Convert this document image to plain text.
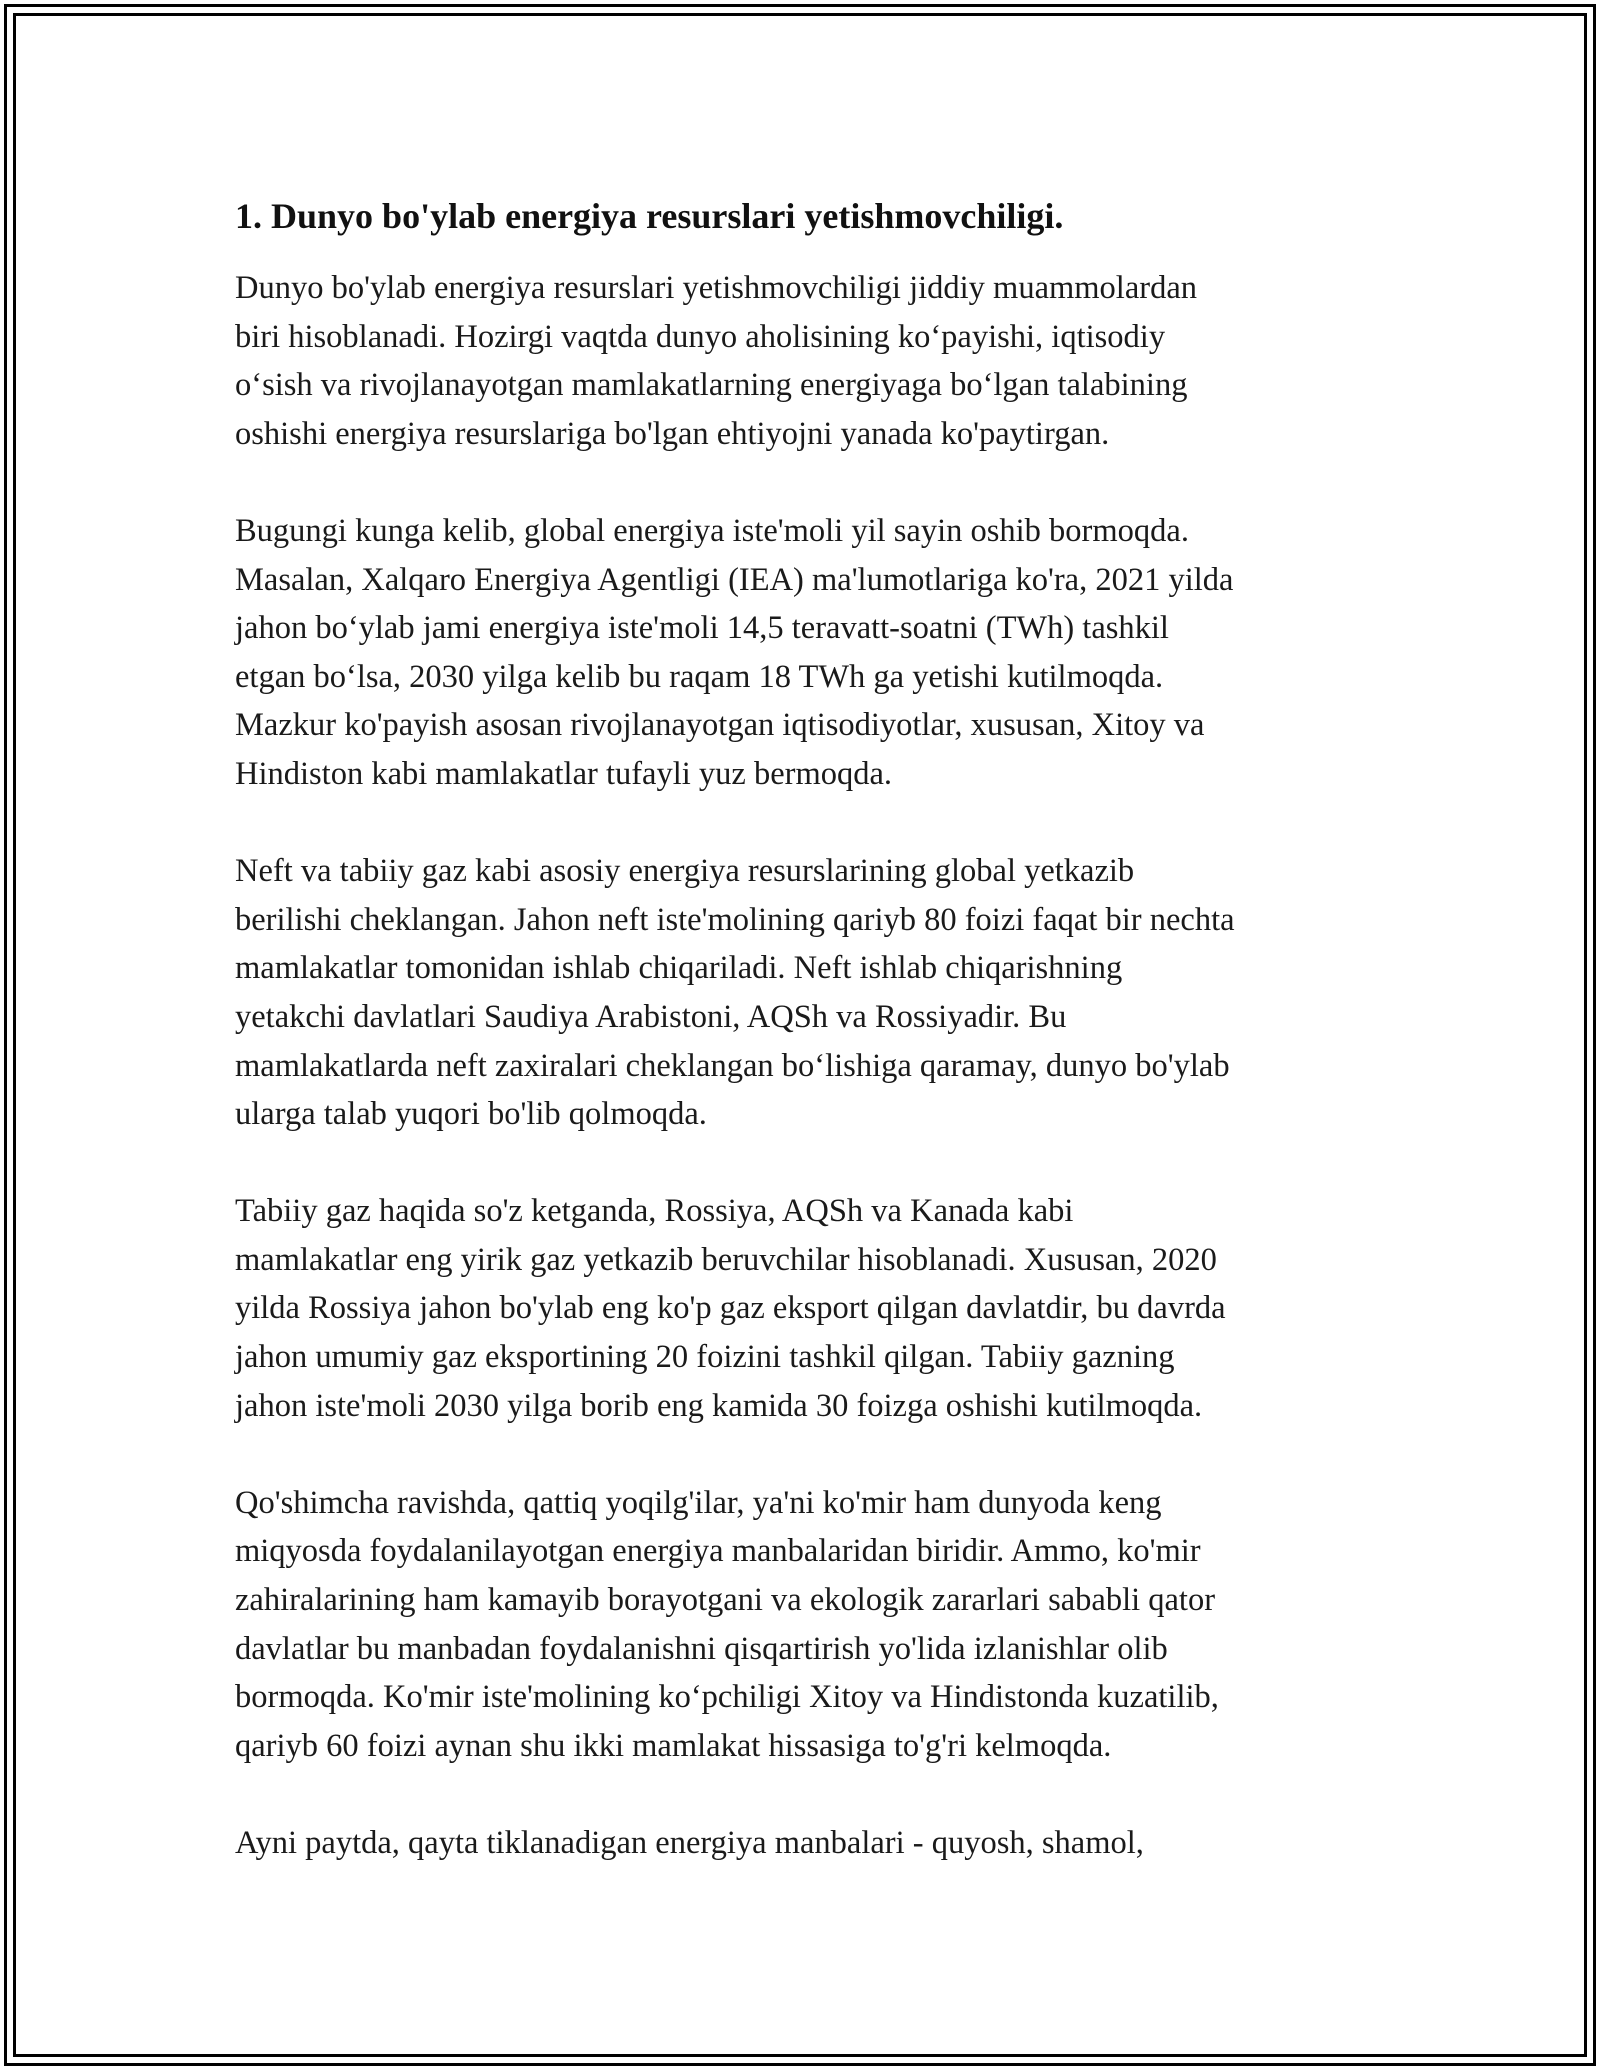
1. Dunyo bo'ylab energiya resurslari yetishmovchiligi.
Dunyo bo'ylab energiya resurslari yetishmovchiligi jiddiy muammolardan
biri hisoblanadi. Hozirgi vaqtda dunyo aholisining ko‘payishi, iqtisodiy
o‘sish va rivojlanayotgan mamlakatlarning energiyaga bo‘lgan talabining
oshishi energiya resurslariga bo'lgan ehtiyojni yanada ko'paytirgan.
Bugungi kunga kelib, global energiya iste'moli yil sayin oshib bormoqda.
Masalan, Xalqaro Energiya Agentligi (IEA) ma'lumotlariga ko'ra, 2021 yilda
jahon bo‘ylab jami energiya iste'moli 14,5 teravatt-soatni (TWh) tashkil
etgan bo‘lsa, 2030 yilga kelib bu raqam 18 TWh ga yetishi kutilmoqda.
Mazkur ko'payish asosan rivojlanayotgan iqtisodiyotlar, xususan, Xitoy va
Hindiston kabi mamlakatlar tufayli yuz bermoqda.
Neft va tabiiy gaz kabi asosiy energiya resurslarining global yetkazib
berilishi cheklangan. Jahon neft iste'molining qariyb 80 foizi faqat bir nechta
mamlakatlar tomonidan ishlab chiqariladi. Neft ishlab chiqarishning
yetakchi davlatlari Saudiya Arabistoni, AQSh va Rossiyadir. Bu
mamlakatlarda neft zaxiralari cheklangan bo‘lishiga qaramay, dunyo bo'ylab
ularga talab yuqori bo'lib qolmoqda.
Tabiiy gaz haqida so'z ketganda, Rossiya, AQSh va Kanada kabi
mamlakatlar eng yirik gaz yetkazib beruvchilar hisoblanadi. Xususan, 2020
yilda Rossiya jahon bo'ylab eng ko'p gaz eksport qilgan davlatdir, bu davrda
jahon umumiy gaz eksportining 20 foizini tashkil qilgan. Tabiiy gazning
jahon iste'moli 2030 yilga borib eng kamida 30 foizga oshishi kutilmoqda.
Qo'shimcha ravishda, qattiq yoqilg'ilar, ya'ni ko'mir ham dunyoda keng
miqyosda foydalanilayotgan energiya manbalaridan biridir. Ammo, ko'mir
zahiralarining ham kamayib borayotgani va ekologik zararlari sababli qator
davlatlar bu manbadan foydalanishni qisqartirish yo'lida izlanishlar olib
bormoqda. Ko'mir iste'molining ko‘pchiligi Xitoy va Hindistonda kuzatilib,
qariyb 60 foizi aynan shu ikki mamlakat hissasiga to'g'ri kelmoqda.
Ayni paytda, qayta tiklanadigan energiya manbalari - quyosh, shamol,
